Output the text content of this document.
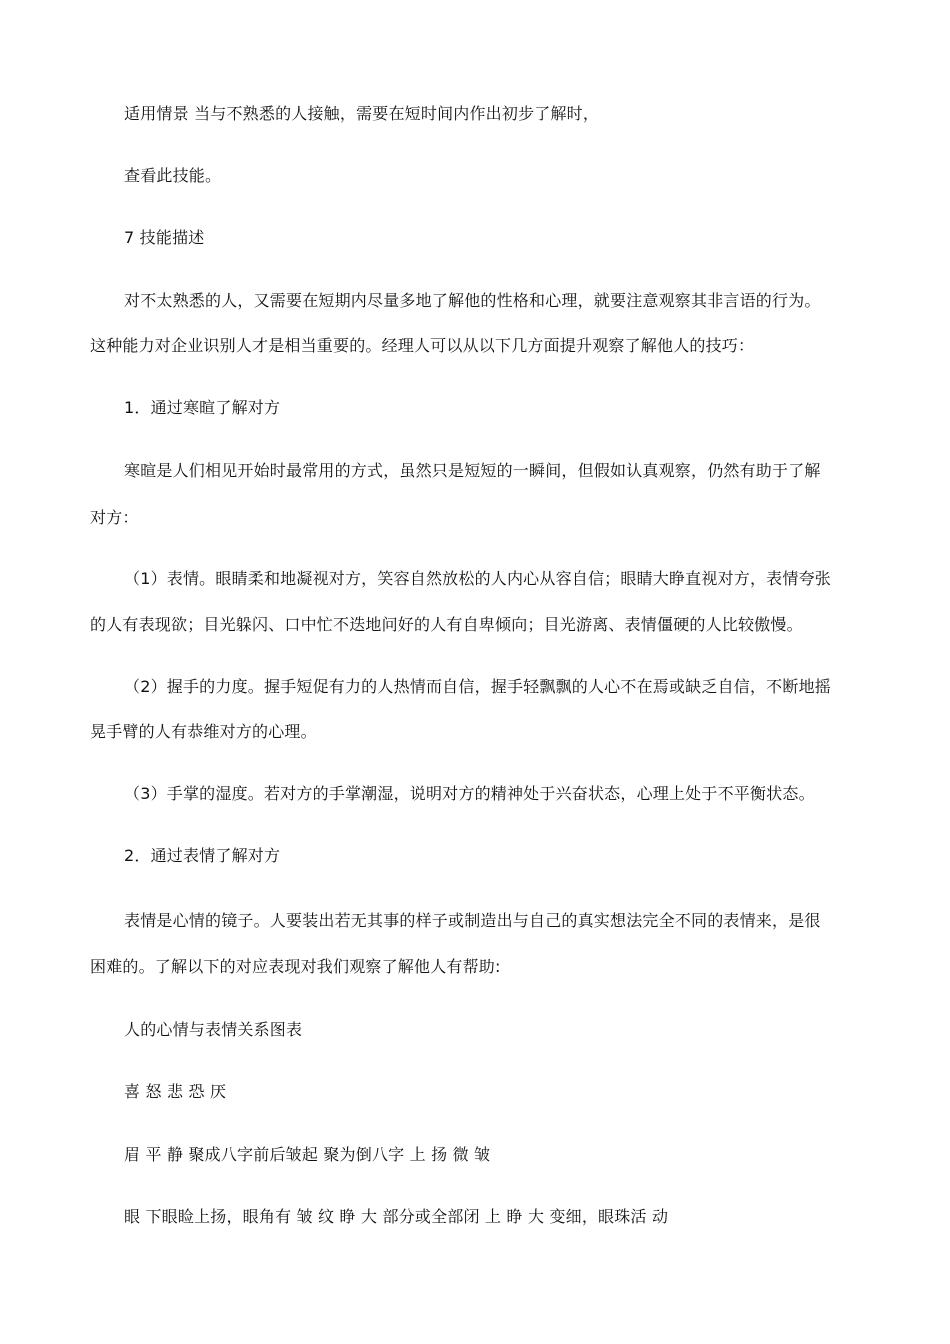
适用情景 当与不熟悉的人接触，需要在短时间内作出初步了解时，
查看此技能。
7 技能描述
对不太熟悉的人，又需要在短期内尽量多地了解他的性格和心理，就要注意观察其非言语的行为。
这种能力对企业识别人才是相当重要的。经理人可以从以下几方面提升观察了解他人的技巧：
1．通过寒暄了解对方
寒暄是人们相见开始时最常用的方式，虽然只是短短的一瞬间，但假如认真观察，仍然有助于了解
对方：
（1）表情。眼睛柔和地凝视对方，笑容自然放松的人内心从容自信；眼睛大睁直视对方，表情夸张
的人有表现欲；目光躲闪、口中忙不迭地问好的人有自卑倾向；目光游离、表情僵硬的人比较傲慢。
（2）握手的力度。握手短促有力的人热情而自信，握手轻飘飘的人心不在焉或缺乏自信，不断地摇
晃手臂的人有恭维对方的心理。
（3）手掌的湿度。若对方的手掌潮湿，说明对方的精神处于兴奋状态，心理上处于不平衡状态。
2．通过表情了解对方
表情是心情的镜子。人要装出若无其事的样子或制造出与自己的真实想法完全不同的表情来，是很
困难的。了解以下的对应表现对我们观察了解他人有帮助:
人的心情与表情关系图表
喜 怒 悲 恐 厌
眉 平 静 聚成八字前后皱起 聚为倒八字 上 扬 微 皱
眼 下眼睑上扬，眼角有 皱 纹 睁 大 部分或全部闭 上 睁 大 变细，眼珠活 动
